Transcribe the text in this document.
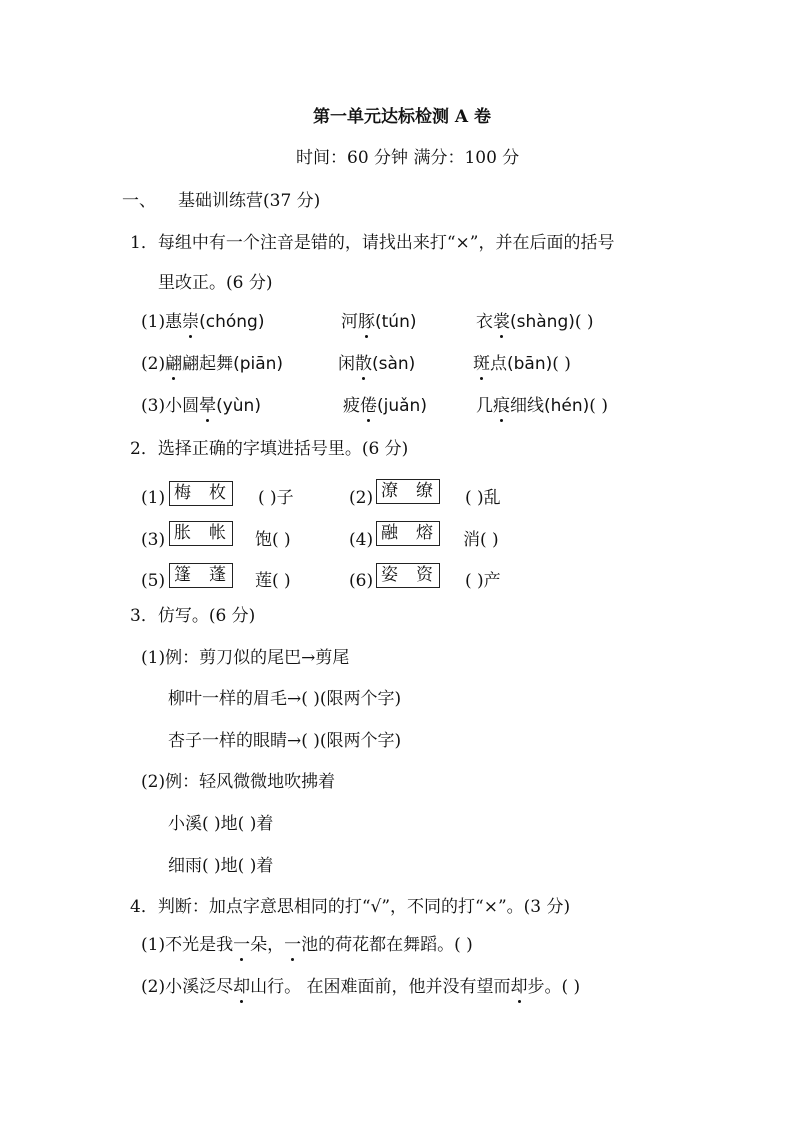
第一单元达标检测 A 卷
时间：60 分钟 满分：100 分
一、 基础训练营(37 分)
1．每组中有一个注音是错的，请找出来打“×”，并在后面的括号
里改正。(6 分)
(1)惠崇(chóng)	河豚(tún)	衣裳(shàng)( )
(2)翩翩起舞(piān)	闲散(sàn)	斑点(bān)( )
(3)小圆晕(yùn)	疲倦(juǎn)	几痕细线(hén)( )
2．选择正确的字填进括号里。(6 分)
(1) 梅 枚	( )子	(2) 潦 缭	( )乱
(3) 胀 帐	饱( )	(4) 融 熔	消( )
(5) 篷 蓬	莲( )	(6) 姿 资	( )产
3．仿写。(6 分)
(1)例：剪刀似的尾巴→剪尾
柳叶一样的眉毛→( )(限两个字)
杏子一样的眼睛→( )(限两个字)
(2)例：轻风微微地吹拂着
小溪( )地( )着
细雨( )地( )着
4．判断：加点字意思相同的打“√”，不同的打“×”。(3 分)
(1)不光是我一朵，一池的荷花都在舞蹈。( )
(2)小溪泛尽却山行。 在困难面前，他并没有望而却步。( )
